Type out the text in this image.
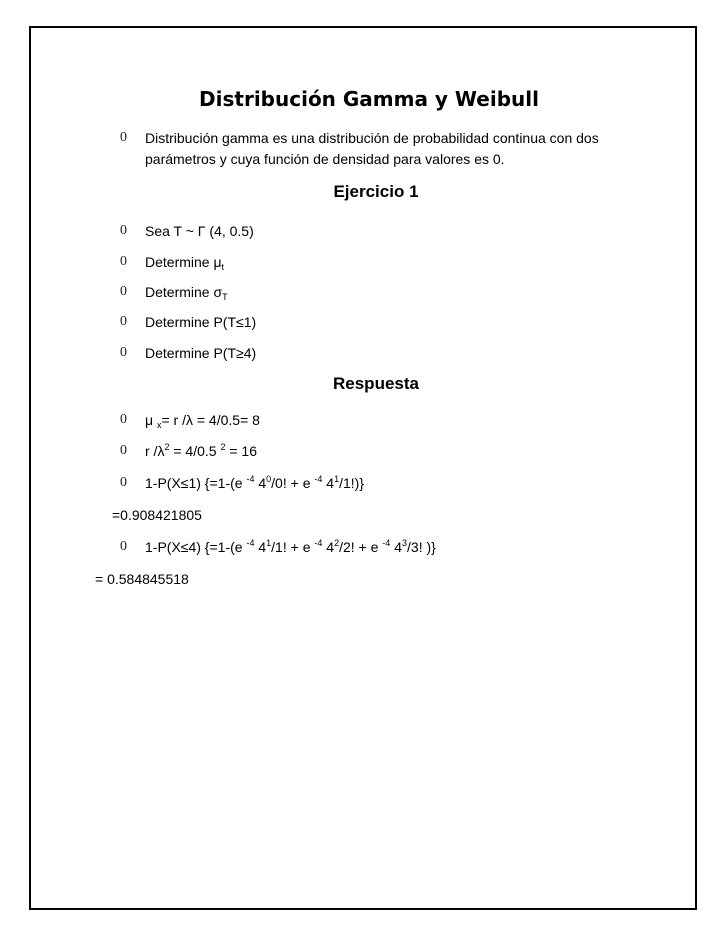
Distribución Gamma y Weibull
0 Distribución gamma es una distribución de probabilidad continua con dos
parámetros y cuya función de densidad para valores es 0.
Ejercicio 1
0 Sea T ~ Γ (4, 0.5)
0 Determine $\mu_t$
0 Determine $\sigma_T$
0 Determine P(T≤1)
0 Determine P(T≥4)
Respuesta
0 μ $_x$= r /λ = 4/0.5= 8
0 r $/\lambda^2 = 4/0.5$ $^2$ = 16
0 1-P(X≤1) {=1-(e $^{-4}$ $4^0/0$! + e $^{-4}$ $4^1/1$!)}
=0.908421805
0 1-P(X≤4) {=1-(e $^{-4}$ $4^1/1$! + e $^{-4}$ $4^2/2$! + e $^{-4}$ $4^3/3$! )}
= 0.584845518
